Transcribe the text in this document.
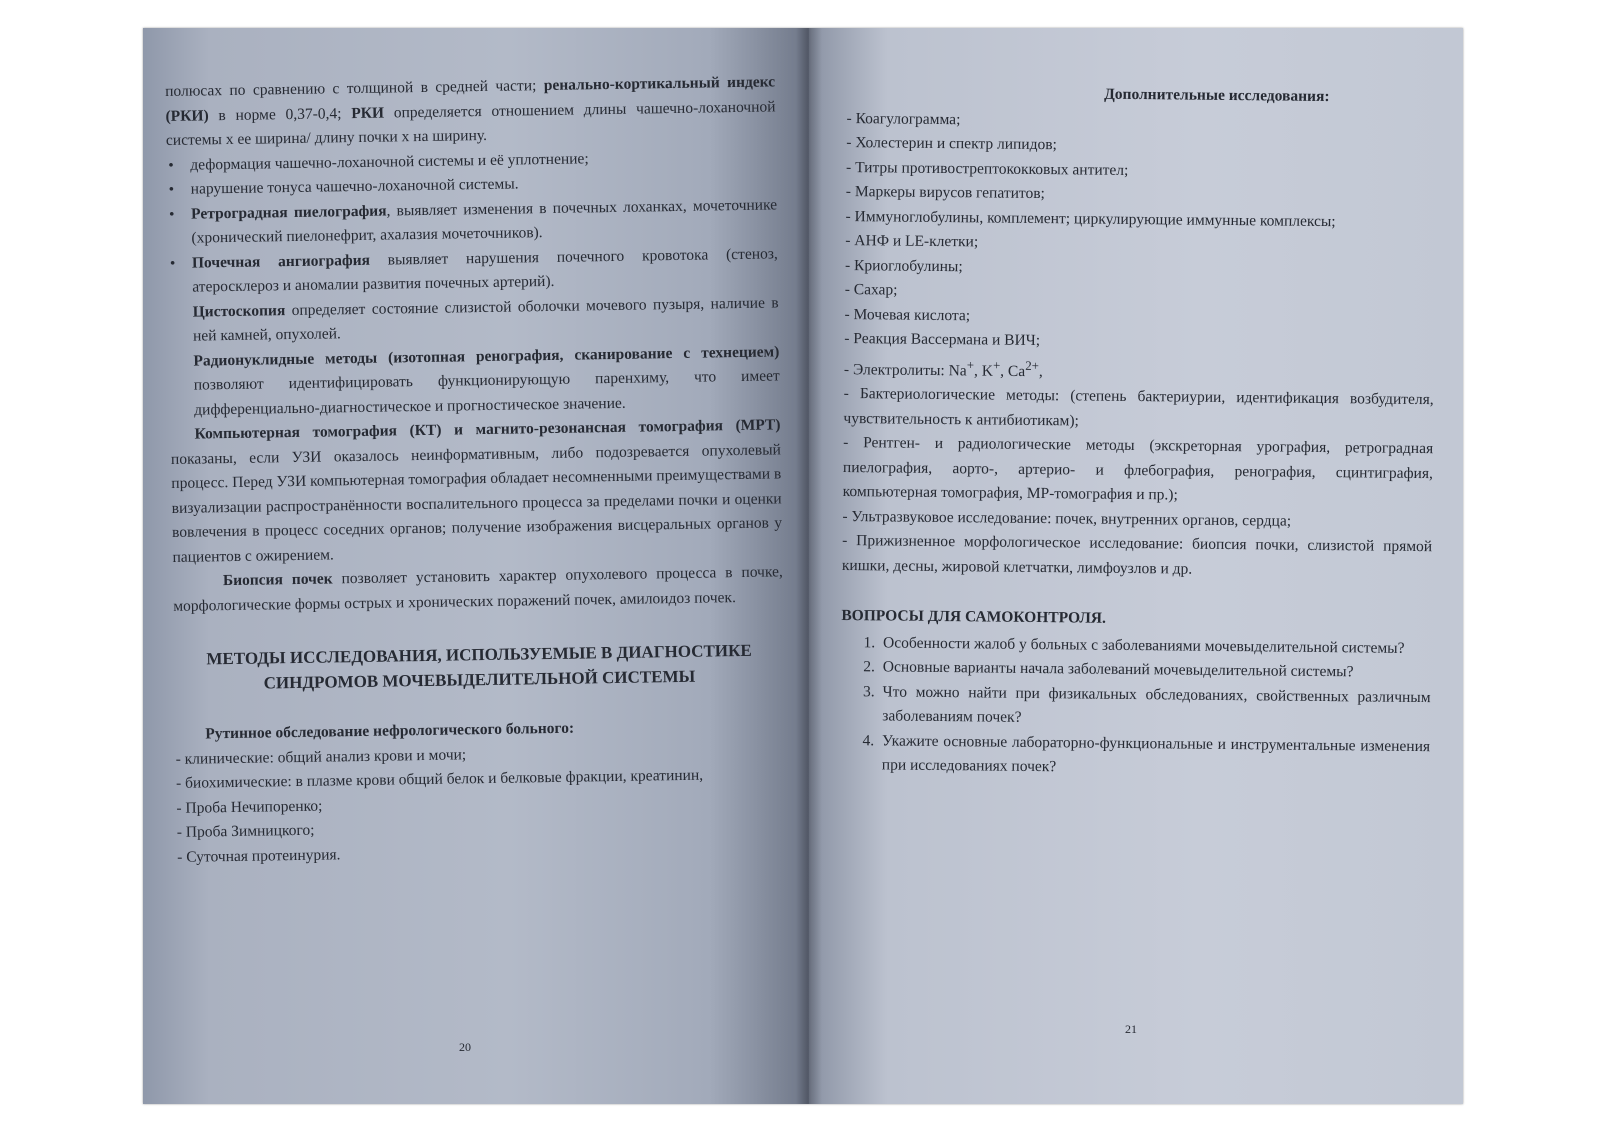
полюсах по сравнению с толщиной в средней части; ренально-кортикальный индекс (РКИ) в норме 0,37-0,4; РКИ определяется отношением длины чашечно-лоханочной системы х ее ширина/ длину почки х на ширину.

• деформация чашечно-лоханочной системы и её уплотнение;
• нарушение тонуса чашечно-лоханочной системы.
• Ретроградная пиелография, выявляет изменения в почечных лоханках, мочеточнике (хронический пиелонефрит, ахалазия мочеточников).
• Почечная ангиография выявляет нарушения почечного кровотока (стеноз, атеросклероз и аномалии развития почечных артерий).

Цистоскопия определяет состояние слизистой оболочки мочевого пузыря, наличие в ней камней, опухолей.

Радионуклидные методы (изотопная ренография, сканирование с технецием) позволяют идентифицировать функционирующую паренхиму, что имеет дифференциально-диагностическое и прогностическое значение.

Компьютерная томография (КТ) и магнито-резонансная томография (МРТ) показаны, если УЗИ оказалось неинформативным, либо подозревается опухолевый процесс. Перед УЗИ компьютерная томография обладает несомненными преимуществами в визуализации распространённости воспалительного процесса за пределами почки и оценки вовлечения в процесс соседних органов; получение изображения висцеральных органов у пациентов с ожирением.

Биопсия почек позволяет установить характер опухолевого процесса в почке, морфологические формы острых и хронических поражений почек, амилоидоз почек.

МЕТОДЫ ИССЛЕДОВАНИЯ, ИСПОЛЬЗУЕМЫЕ В ДИАГНОСТИКЕ
СИНДРОМОВ МОЧЕВЫДЕЛИТЕЛЬНОЙ СИСТЕМЫ
Рутинное обследование нефрологического больного:

- клинические: общий анализ крови и мочи;

- биохимические: в плазме крови общий белок и белковые фракции, креатинин,

- Проба Нечипоренко;

- Проба Зимницкого;

- Суточная протеинурия.

20
Дополнительные исследования:

- Коагулограмма;

- Холестерин и спектр липидов;

- Титры противострептококковых антител;

- Маркеры вирусов гепатитов;

- Иммуноглобулины, комплемент; циркулирующие иммунные комплексы;

- АНФ и LE-клетки;

- Криоглобулины;

- Сахар;

- Мочевая кислота;

- Реакция Вассермана и ВИЧ;

- Электролиты: Na+, K+, $Ca^{2+}$,

- Бактериологические методы: (степень бактериурии, идентификация возбудителя, чувствительность к антибиотикам);

- Рентген- и радиологические методы (экскреторная урография, ретроградная пиелография, аорто-, артерио- и флебография, ренография, сцинтиграфия, компьютерная томография, МР-томография и пр.);

- Ультразвуковое исследование: почек, внутренних органов, сердца;

- Прижизненное морфологическое исследование: биопсия почки, слизистой прямой кишки, десны, жировой клетчатки, лимфоузлов и др.

ВОПРОСЫ ДЛЯ САМОКОНТРОЛЯ.
1. Особенности жалоб у больных с заболеваниями мочевыделительной системы?
2. Основные варианты начала заболеваний мочевыделительной системы?
3. Что можно найти при физикальных обследованиях, свойственных различным заболеваниям почек?
4. Укажите основные лабораторно-функциональные и инструментальные изменения при исследованиях почек?
21
